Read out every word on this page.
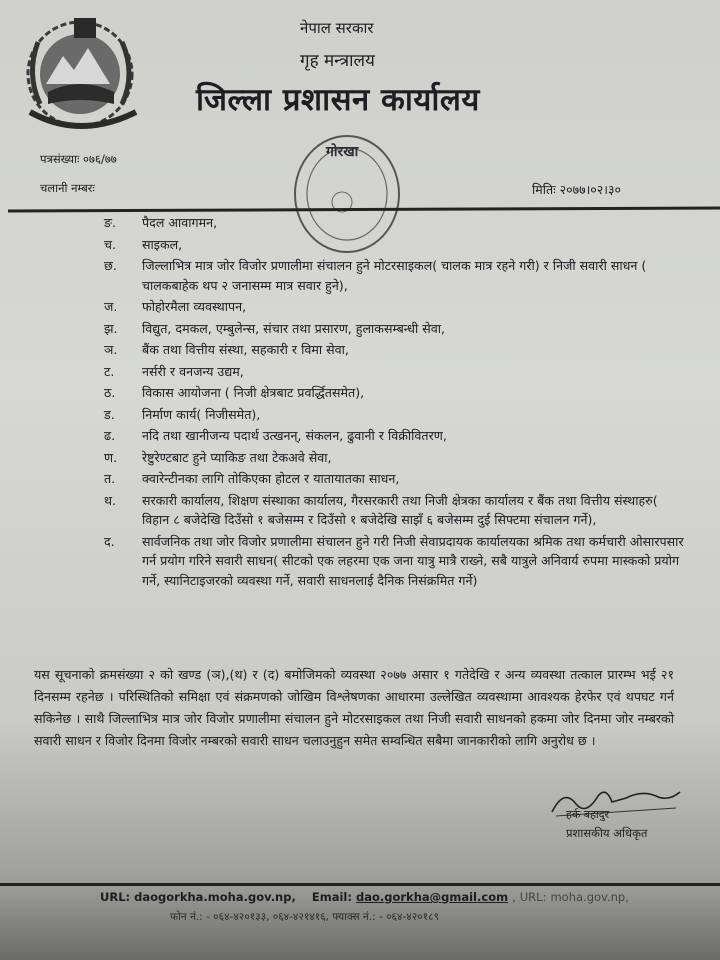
नेपाल सरकार
गृह मन्त्रालय
जिल्ला प्रशासन कार्यालय
पत्रसंख्याः ०७६/७७
चलानी नम्बरः	मितिः २०७७।०२।३०
गोरखा
ङ.	पैदल आवागमन,
च.	साइकल,
छ.	जिल्लाभित्र मात्र जोर विजोर प्रणालीमा संचालन हुने मोटरसाइकल( चालक मात्र रहने गरी) र निजी सवारी साधन ( चालकबाहेक थप २ जनासम्म मात्र सवार हुने),
ज.	फोहोरमैला व्यवस्थापन,
झ.	विद्युत, दमकल, एम्बुलेन्स, संचार तथा प्रसारण, हुलाकसम्बन्धी सेवा,
ञ.	बैंक तथा वित्तीय संस्था, सहकारी र विमा सेवा,
ट.	नर्सरी र वनजन्य उद्यम,
ठ.	विकास आयोजना ( निजी क्षेत्रबाट प्रवर्द्धितसमेत),
ड.	निर्माण कार्य( निजीसमेत),
ढ.	नदि तथा खानीजन्य पदार्थ उत्खनन्, संकलन, ढुवानी र विक्रीवितरण,
ण.	रेष्टुरेण्टबाट हुने प्याकिङ तथा टेकअवे सेवा,
त.	क्वारेन्टीनका लागि तोकिएका होटल र यातायातका साधन,
थ.	सरकारी कार्यालय, शिक्षण संस्थाका कार्यालय, गैरसरकारी तथा निजी क्षेत्रका कार्यालय र बैंक तथा वित्तीय संस्थाहरु( विहान ८ बजेदेखि दिउँसो १ बजेसम्म र दिउँसो १ बजेदेखि साझँ ६ बजेसम्म दुई सिफ्टमा संचालन गर्ने),
द.	सार्वजनिक तथा जोर विजोर प्रणालीमा संचालन हुने गरी निजी सेवाप्रदायक कार्यालयका श्रमिक तथा कर्मचारी ओसारपसार गर्न प्रयोग गरिने सवारी साधन( सीटको एक लहरमा एक जना यात्रु मात्रै राख्ने, सबै यात्रुले अनिवार्य रुपमा मास्कको प्रयोग गर्ने, स्यानिटाइजरको व्यवस्था गर्ने, सवारी साधनलाई दैनिक निसंक्रमित गर्ने)
यस सूचनाको क्रमसंख्या २ को खण्ड (ञ),(थ) र (द) बमोजिमको व्यवस्था २०७७ असार १ गतेदेखि र अन्य व्यवस्था तत्काल प्रारम्भ भई २१ दिनसम्म रहनेछ । परिस्थितिको समिक्षा एवं संक्रमणको जोखिम विश्लेषणका आधारमा उल्लेखित व्यवस्थामा आवश्यक हेरफेर एवं थपघट गर्न सकिनेछ । साथै जिल्लाभित्र मात्र जोर विजोर प्रणालीमा संचालन हुने मोटरसाइकल तथा निजी सवारी साधनको हकमा जोर दिनमा जोर नम्बरको सवारी साधन र विजोर दिनमा विजोर नम्बरको सवारी साधन चलाउनुहुन समेत सम्वन्धित सबैमा जानकारीको लागि अनुरोध छ ।
हर्क बहादुर
प्रशासकीय अधिकृत
URL: daogorkha.moha.gov.np, Email: dao.gorkha@gmail.com , URL: moha.gov.np,
फोन नं.: - ०६४-४२०१३३, ०६४-४२१४१६, फ्याक्स नं.: - ०६४-४२०१८९
